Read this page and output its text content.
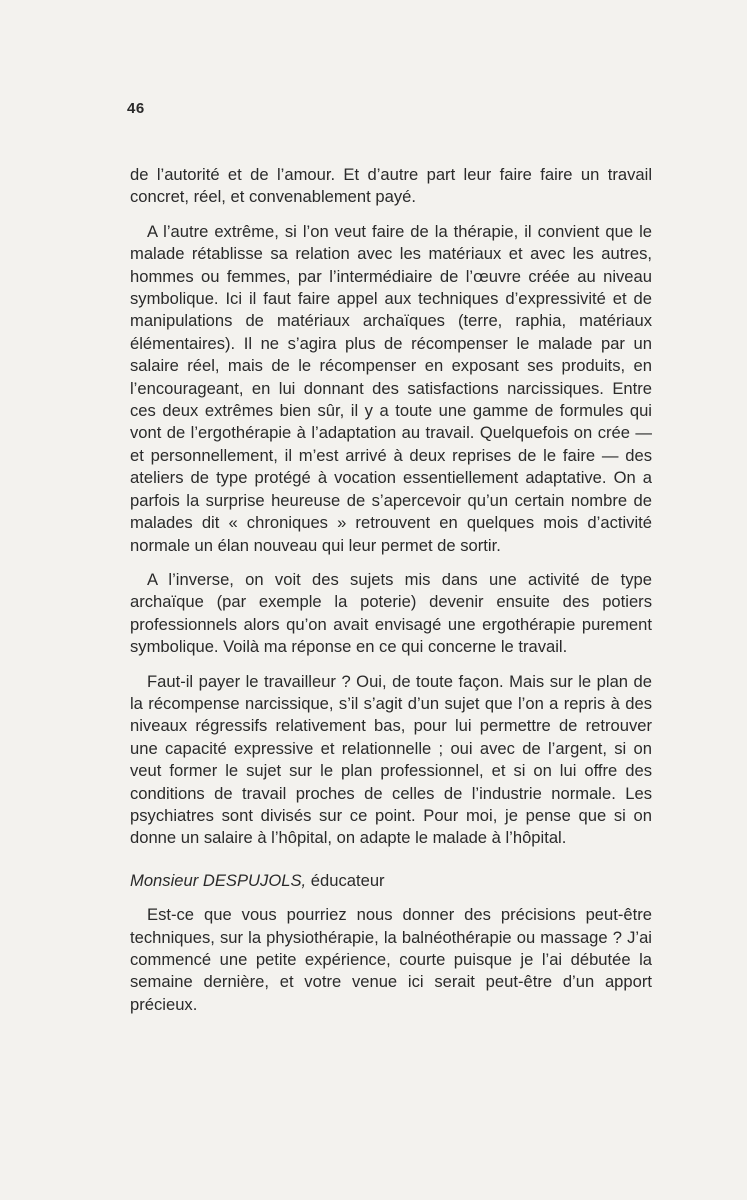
46

de l’autorité et de l’amour. Et d’autre part leur faire faire un travail concret, réel, et convenablement payé.

A l’autre extrême, si l’on veut faire de la thérapie, il convient que le malade rétablisse sa relation avec les matériaux et avec les autres, hommes ou femmes, par l’intermédiaire de l’œuvre créée au niveau symbolique. Ici il faut faire appel aux techniques d’expressivité et de manipulations de matériaux archaïques (terre, raphia, matériaux élémentaires). Il ne s’agira plus de récompenser le malade par un salaire réel, mais de le récompenser en exposant ses produits, en l’encourageant, en lui donnant des satisfactions narcissiques. Entre ces deux extrêmes bien sûr, il y a toute une gamme de formules qui vont de l’ergothérapie à l’adaptation au travail. Quelquefois on crée — et personnellement, il m’est arrivé à deux reprises de le faire — des ateliers de type protégé à vocation essentiellement adaptative. On a parfois la surprise heureuse de s’apercevoir qu’un certain nombre de malades dit « chroniques » retrouvent en quelques mois d’activité normale un élan nouveau qui leur permet de sortir.

A l’inverse, on voit des sujets mis dans une activité de type archaïque (par exemple la poterie) devenir ensuite des potiers professionnels alors qu’on avait envisagé une ergothérapie purement symbolique. Voilà ma réponse en ce qui concerne le travail.

Faut-il payer le travailleur ? Oui, de toute façon. Mais sur le plan de la récompense narcissique, s’il s’agit d’un sujet que l’on a repris à des niveaux régressifs relativement bas, pour lui permettre de retrouver une capacité expressive et relationnelle ; oui avec de l’argent, si on veut former le sujet sur le plan professionnel, et si on lui offre des conditions de travail proches de celles de l’industrie normale. Les psychiatres sont divisés sur ce point. Pour moi, je pense que si on donne un salaire à l’hôpital, on adapte le malade à l’hôpital.

Monsieur DESPUJOLS, éducateur

Est-ce que vous pourriez nous donner des précisions peut-être techniques, sur la physiothérapie, la balnéothérapie ou massage ? J’ai commencé une petite expérience, courte puisque je l’ai débutée la semaine dernière, et votre venue ici serait peut-être d’un apport précieux.
